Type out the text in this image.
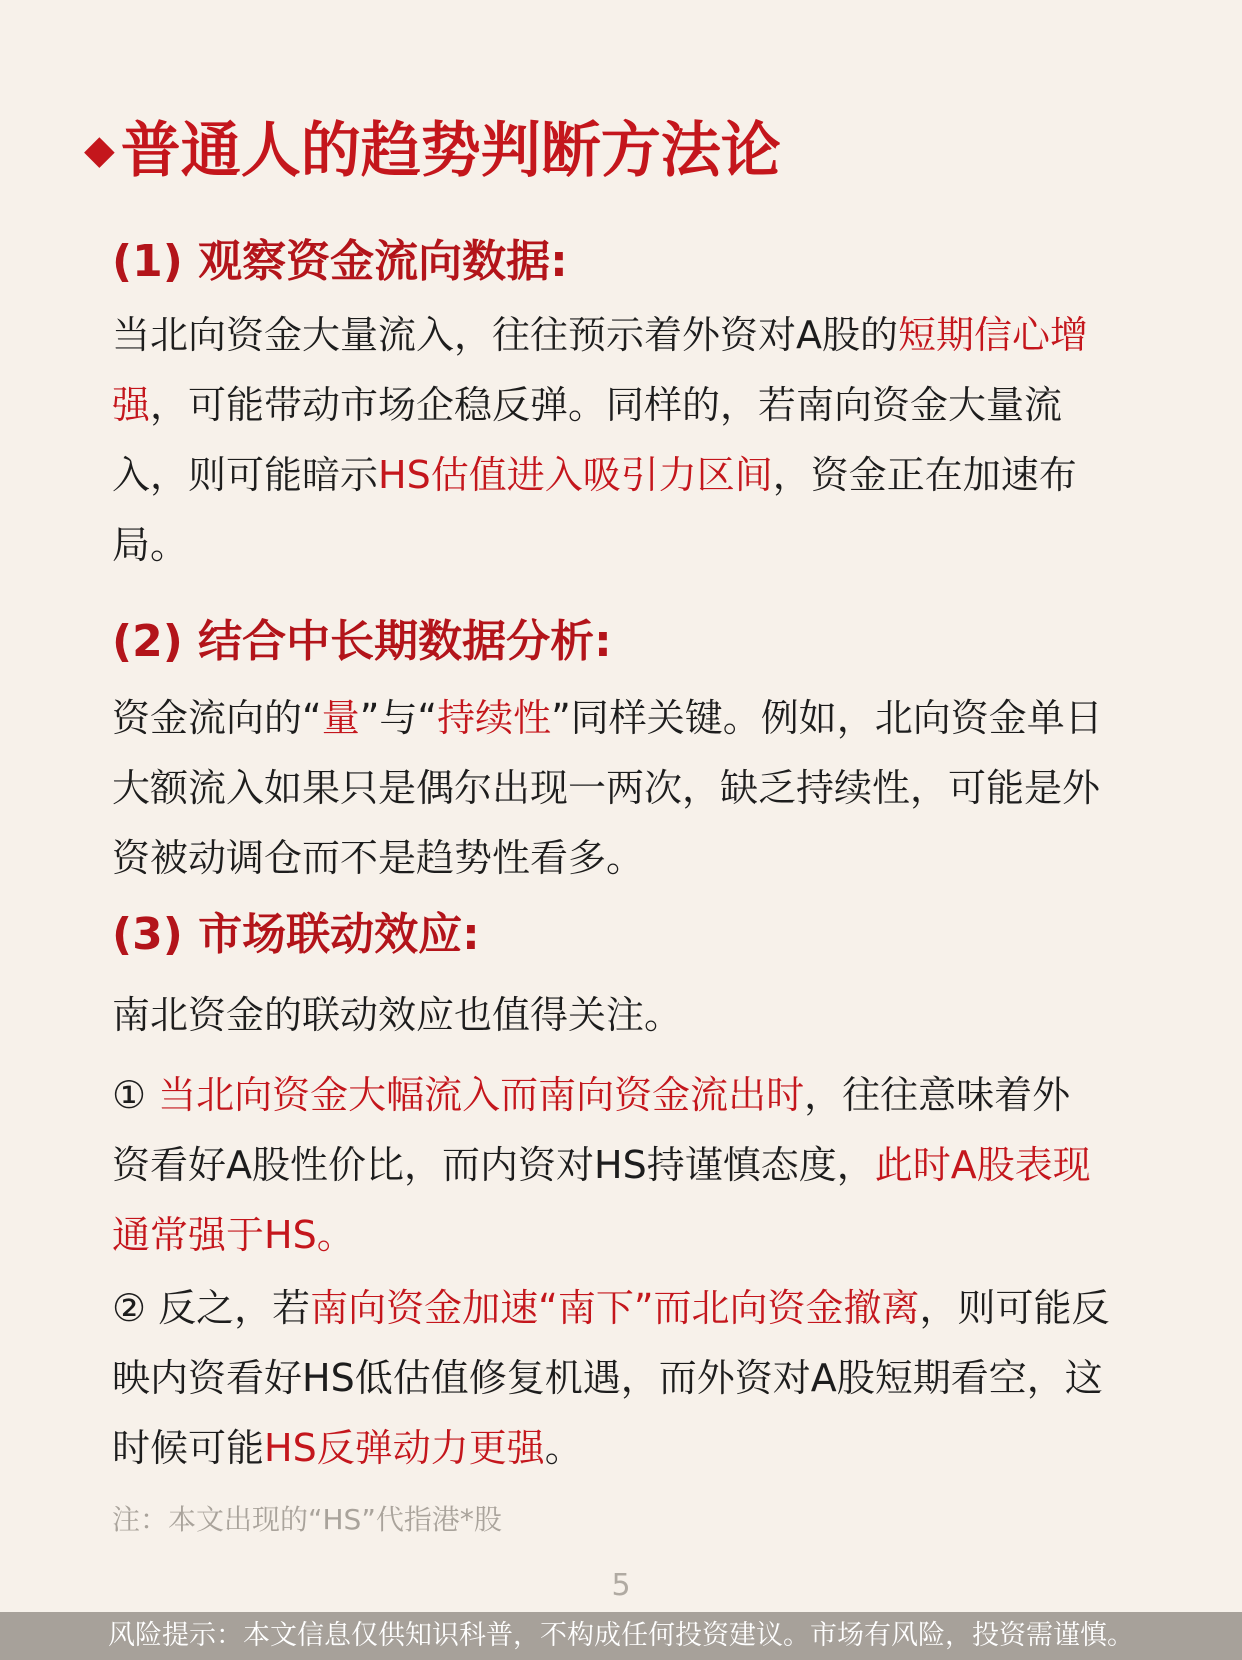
◆ 普通人的趋势判断方法论
(1) 观察资金流向数据:
当北向资金大量流入，往往预示着外资对A股的短期信心增
强，可能带动市场企稳反弹。同样的，若南向资金大量流
入，则可能暗示HS估值进入吸引力区间，资金正在加速布
局。
(2) 结合中长期数据分析:
资金流向的“量”与“持续性”同样关键。例如，北向资金单日
大额流入如果只是偶尔出现一两次，缺乏持续性，可能是外
资被动调仓而不是趋势性看多。
(3) 市场联动效应:
南北资金的联动效应也值得关注。
① 当北向资金大幅流入而南向资金流出时，往往意味着外
资看好A股性价比，而内资对HS持谨慎态度，此时A股表现
通常强于HS。
② 反之，若南向资金加速“南下”而北向资金撤离，则可能反
映内资看好HS低估值修复机遇，而外资对A股短期看空，这
时候可能HS反弹动力更强。
注：本文出现的“HS”代指港*股
5
风险提示：本文信息仅供知识科普，不构成任何投资建议。市场有风险，投资需谨慎。
